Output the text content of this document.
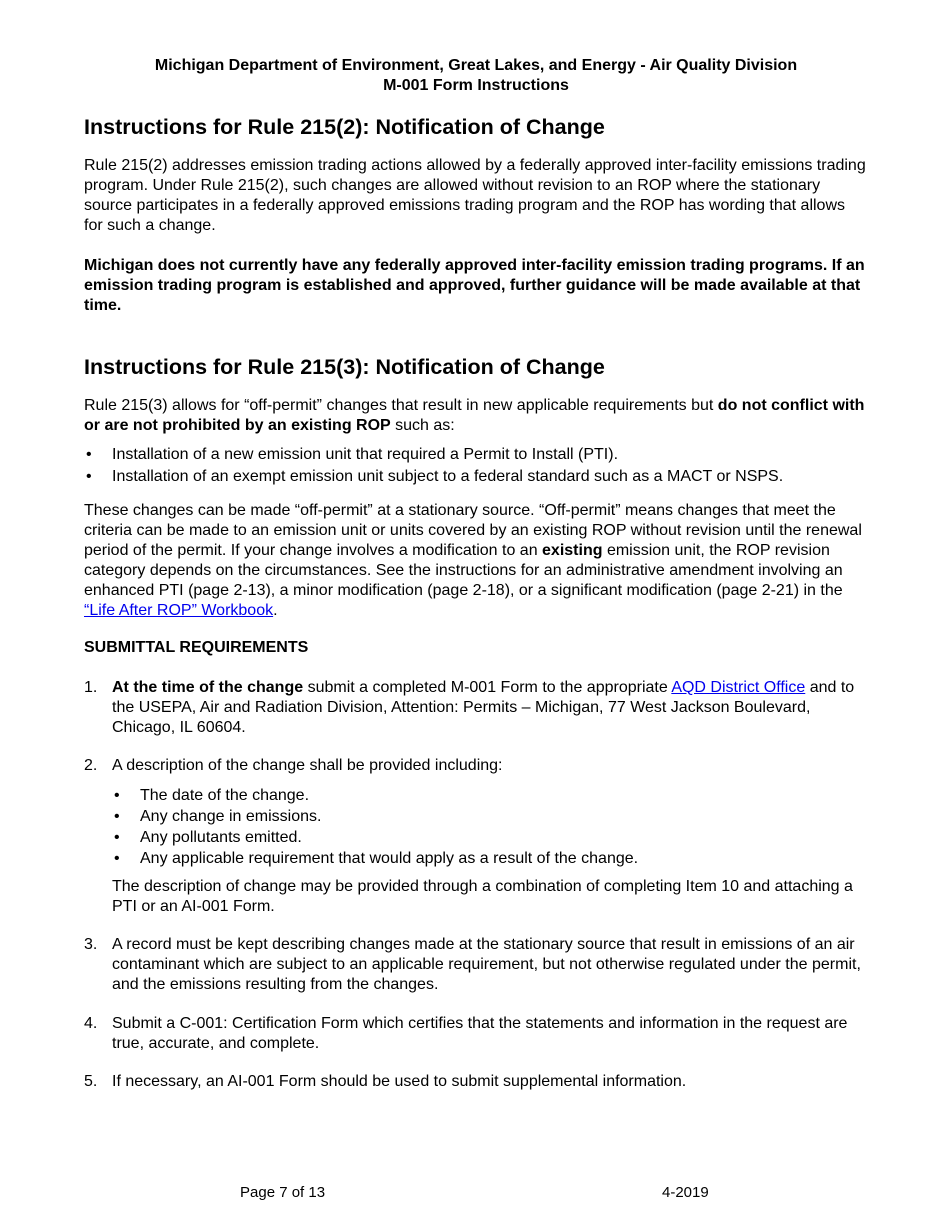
Michigan Department of Environment, Great Lakes, and Energy - Air Quality Division
M-001 Form Instructions
Instructions for Rule 215(2): Notification of Change

Rule 215(2) addresses emission trading actions allowed by a federally approved inter-facility emissions trading program. Under Rule 215(2), such changes are allowed without revision to an ROP where the stationary source participates in a federally approved emissions trading program and the ROP has wording that allows for such a change.

Michigan does not currently have any federally approved inter-facility emission trading programs. If an emission trading program is established and approved, further guidance will be made available at that time.

Instructions for Rule 215(3): Notification of Change

Rule 215(3) allows for “off-permit” changes that result in new applicable requirements but do not conflict with or are not prohibited by an existing ROP such as:

• Installation of a new emission unit that required a Permit to Install (PTI).
• Installation of an exempt emission unit subject to a federal standard such as a MACT or NSPS.

These changes can be made “off-permit” at a stationary source. “Off-permit” means changes that meet the criteria can be made to an emission unit or units covered by an existing ROP without revision until the renewal period of the permit. If your change involves a modification to an existing emission unit, the ROP revision category depends on the circumstances. See the instructions for an administrative amendment involving an enhanced PTI (page 2-13), a minor modification (page 2-18), or a significant modification (page 2-21) in the “Life After ROP” Workbook.

SUBMITTAL REQUIREMENTS

1. At the time of the change submit a completed M-001 Form to the appropriate AQD District Office and to the USEPA, Air and Radiation Division, Attention: Permits – Michigan, 77 West Jackson Boulevard, Chicago, IL 60604.
2. A description of the change shall be provided including:
• The date of the change.
• Any change in emissions.
• Any pollutants emitted.
• Any applicable requirement that would apply as a result of the change.

The description of change may be provided through a combination of completing Item 10 and attaching a PTI or an AI-001 Form.

3. A record must be kept describing changes made at the stationary source that result in emissions of an air contaminant which are subject to an applicable requirement, but not otherwise regulated under the permit, and the emissions resulting from the changes.
4. Submit a C-001: Certification Form which certifies that the statements and information in the request are true, accurate, and complete.
5. If necessary, an AI-001 Form should be used to submit supplemental information.
Page 7 of 13	4-2019
